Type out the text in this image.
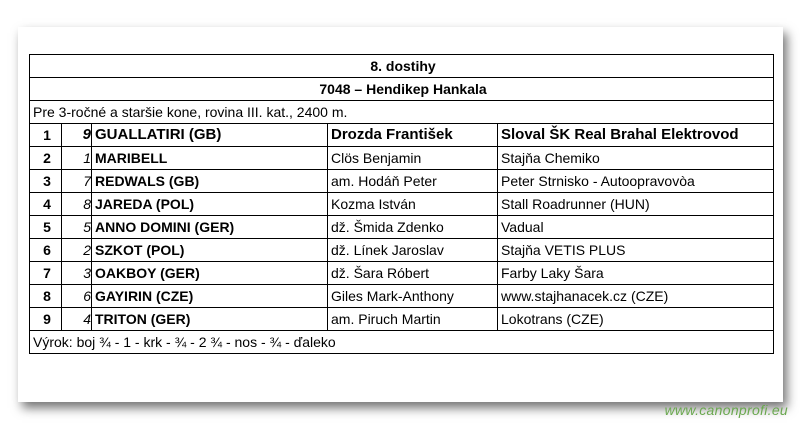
8. dostihy				
7048 – Hendikep Hankala				
Pre 3-ročné a staršie kone, rovina III. kat., 2400 m.				
1	9	GUALLATIRI (GB)	Drozda František	Sloval ŠK Real Brahal Elektrovod
2	1	MARIBELL	Clös Benjamin	Stajňa Chemiko
3	7	REDWALS (GB)	am. Hodáň Peter	Peter Strnisko - Autoopravovòa
4	8	JAREDA (POL)	Kozma István	Stall Roadrunner (HUN)
5	5	ANNO DOMINI (GER)	dž. Šmida Zdenko	Vadual
6	2	SZKOT (POL)	dž. Línek Jaroslav	Stajňa VETIS PLUS
7	3	OAKBOY (GER)	dž. Šara Róbert	Farby Laky Šara
8	6	GAYIRIN (CZE)	Giles Mark-Anthony	www.stajhanacek.cz (CZE)
9	4	TRITON (GER)	am. Piruch Martin	Lokotrans (CZE)
Výrok: boj ¾ - 1 - krk - ¾ - 2 ¾ - nos - ¾ - ďaleko				
www.canonprofi.eu
